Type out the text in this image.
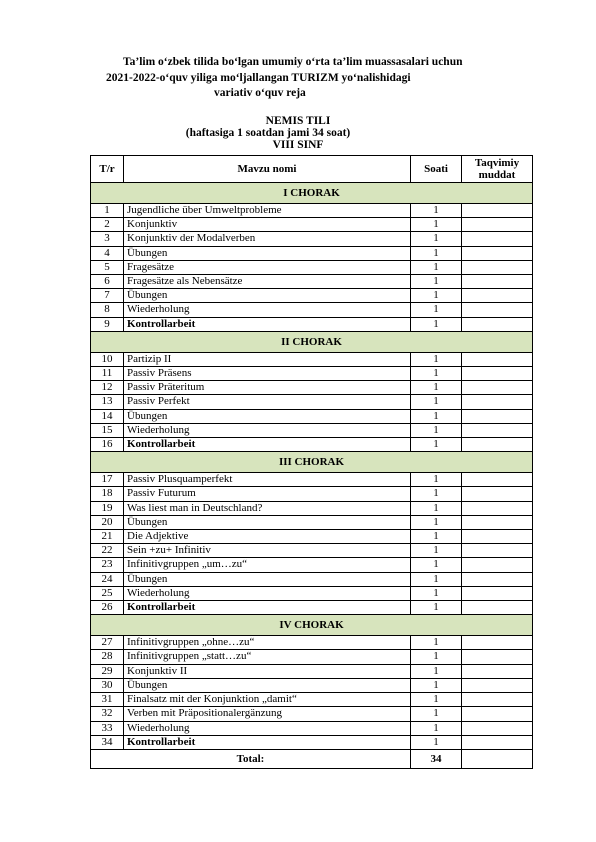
Ta’lim o‘zbek tilida bo‘lgan umumiy o‘rta ta’lim muassasalari uchun
2021-2022-o‘quv yiliga mo‘ljallangan TURIZM yo‘nalishidagi
variativ o‘quv reja
NEMIS TILI
(haftasiga 1 soatdan jami 34 soat)
VIII SINF
T/r	Mavzu nomi	Soati	Taqvimiy muddat
I CHORAK			
1	Jugendliche über Umweltprobleme	1	
2	Konjunktiv	1	
3	Konjunktiv der Modalverben	1	
4	Übungen	1	
5	Fragesätze	1	
6	Fragesätze als Nebensätze	1	
7	Übungen	1	
8	Wiederholung	1	
9	Kontrollarbeit	1	
II CHORAK			
10	Partizip II	1	
11	Passiv Präsens	1	
12	Passiv Präteritum	1	
13	Passiv Perfekt	1	
14	Übungen	1	
15	Wiederholung	1	
16	Kontrollarbeit	1	
III CHORAK			
17	Passiv Plusquamperfekt	1	
18	Passiv Futurum	1	
19	Was liest man in Deutschland?	1	
20	Übungen	1	
21	Die Adjektive	1	
22	Sein +zu+ Infinitiv	1	
23	Infinitivgruppen „um…zu“	1	
24	Übungen	1	
25	Wiederholung	1	
26	Kontrollarbeit	1	
IV CHORAK			
27	Infinitivgruppen „ohne…zu“	1	
28	Infinitivgruppen „statt…zu“	1	
29	Konjunktiv II	1	
30	Übungen	1	
31	Finalsatz mit der Konjunktion „damit“	1	
32	Verben mit Präpositionalergänzung	1	
33	Wiederholung	1	
34	Kontrollarbeit	1	
Total:		34	
